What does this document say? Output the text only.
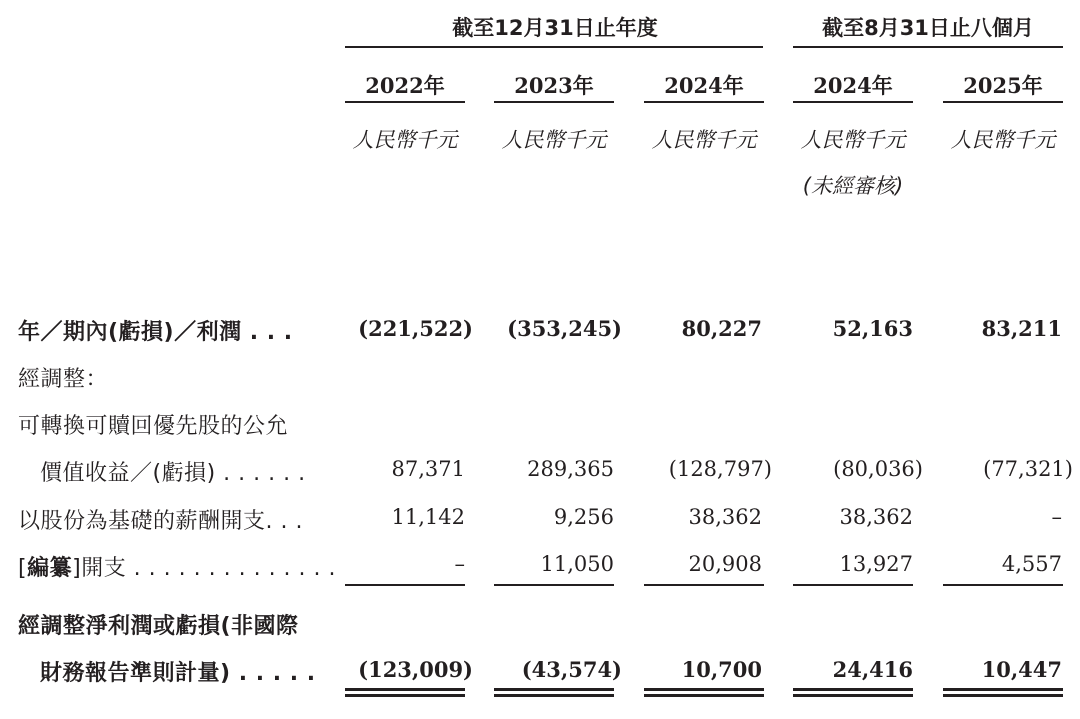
截至12月31日止年度	截至8月31日止八個月
2022年	2023年	2024年	2024年	2025年
人民幣千元	人民幣千元	人民幣千元	人民幣千元	人民幣千元
(未經審核)
年／期內(虧損)／利潤 . . .	(221,522)	(353,245)	80,227	52,163	83,211
經調整：
可轉換可贖回優先股的公允
價值收益／(虧損) . . . . . .	87,371	289,365	(128,797)	(80,036)	(77,321)
以股份為基礎的薪酬開支. . .	11,142	9,256	38,362	38,362	–
[編纂]開支 . . . . . . . . . . . . . .	–	11,050	20,908	13,927	4,557
經調整淨利潤或虧損(非國際
財務報告準則計量) . . . . .	(123,009)	(43,574)	10,700	24,416	10,447
